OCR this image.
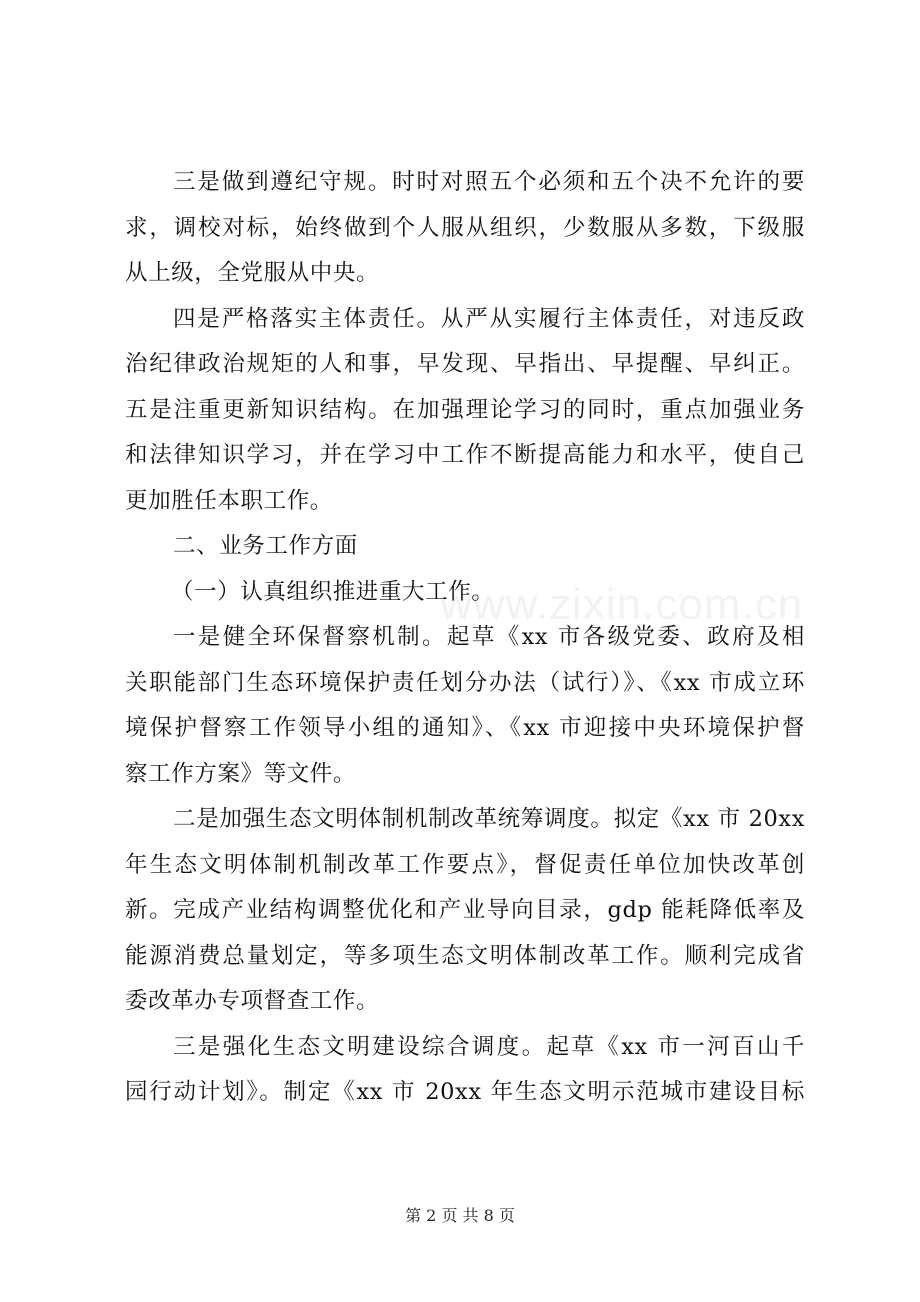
www.zixin.com.cn
三是做到遵纪守规。时时对照五个必须和五个决不允许的要
求，调校对标，始终做到个人服从组织，少数服从多数，下级服
从上级，全党服从中央。
四是严格落实主体责任。从严从实履行主体责任，对违反政
治纪律政治规矩的人和事，早发现、早指出、早提醒、早纠正。
五是注重更新知识结构。在加强理论学习的同时，重点加强业务
和法律知识学习，并在学习中工作不断提高能力和水平，使自己
更加胜任本职工作。
二、业务工作方面
（一）认真组织推进重大工作。
一是健全环保督察机制。起草《xx 市各级党委、政府及相
关职能部门生态环境保护责任划分办法（试行）》、《xx 市成立环
境保护督察工作领导小组的通知》、《xx 市迎接中央环境保护督
察工作方案》等文件。
二是加强生态文明体制机制改革统筹调度。拟定《xx 市 20xx
年生态文明体制机制改革工作要点》，督促责任单位加快改革创
新。完成产业结构调整优化和产业导向目录，gdp 能耗降低率及
能源消费总量划定，等多项生态文明体制改革工作。顺利完成省
委改革办专项督查工作。
三是强化生态文明建设综合调度。起草《xx 市一河百山千
园行动计划》。制定《xx 市 20xx 年生态文明示范城市建设目标
第 2 页 共 8 页
